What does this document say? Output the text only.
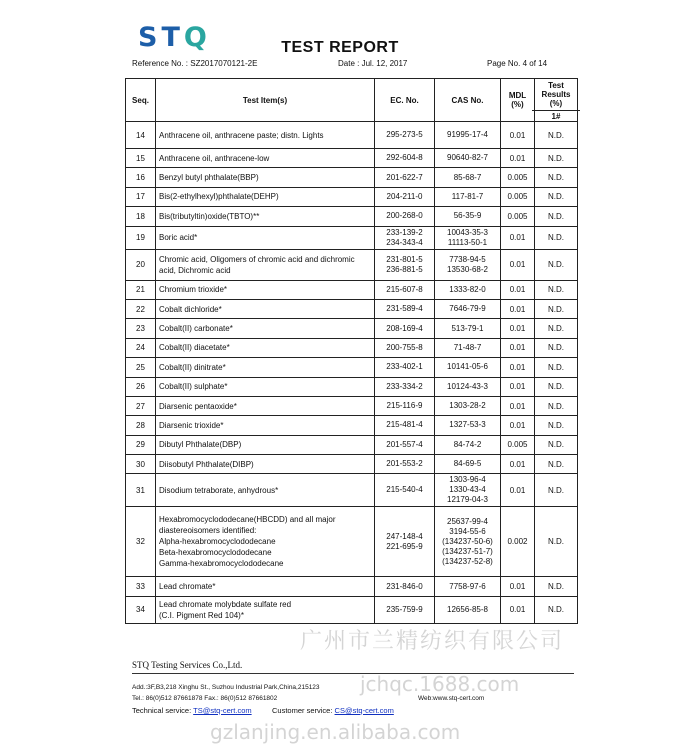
STQ	TEST REPORT
Reference No. : SZ2017070121-2E	Date : Jul. 12, 2017	Page No. 4 of 14
Seq.	Test Item(s)	EC. No.	CAS No.	MDL (%)	Test Results (%)
1#

14	Anthracene oil, anthracene paste; distn. Lights	295-273-5	91995-17-4	0.01	N.D.
15	Anthracene oil, anthracene-low	292-604-8	90640-82-7	0.01	N.D.
16	Benzyl butyl phthalate(BBP)	201-622-7	85-68-7	0.005	N.D.
17	Bis(2-ethylhexyl)phthalate(DEHP)	204-211-0	117-81-7	0.005	N.D.
18	Bis(tributyltin)oxide(TBTO)**	200-268-0	56-35-9	0.005	N.D.
19	Boric acid*	233-139-2
234-343-4	10043-35-3
11113-50-1	0.01	N.D.
20	Chromic acid, Oligomers of chromic acid and dichromic acid, Dichromic acid	231-801-5
236-881-5	7738-94-5
13530-68-2	0.01	N.D.
21	Chromium trioxide*	215-607-8	1333-82-0	0.01	N.D.
22	Cobalt dichloride*	231-589-4	7646-79-9	0.01	N.D.
23	Cobalt(II) carbonate*	208-169-4	513-79-1	0.01	N.D.
24	Cobalt(II) diacetate*	200-755-8	71-48-7	0.01	N.D.
25	Cobalt(II) dinitrate*	233-402-1	10141-05-6	0.01	N.D.
26	Cobalt(II) sulphate*	233-334-2	10124-43-3	0.01	N.D.
27	Diarsenic pentaoxide*	215-116-9	1303-28-2	0.01	N.D.
28	Diarsenic trioxide*	215-481-4	1327-53-3	0.01	N.D.
29	Dibutyl Phthalate(DBP)	201-557-4	84-74-2	0.005	N.D.
30	Diisobutyl Phthalate(DIBP)	201-553-2	84-69-5	0.01	N.D.
31	Disodium tetraborate, anhydrous*	215-540-4	1303-96-4
1330-43-4
12179-04-3	0.01	N.D.
32	Hexabromocyclododecane(HBCDD) and all major diastereoisomers identified:
Alpha-hexabromocyclododecane
Beta-hexabromocyclododecane
Gamma-hexabromocyclododecane	247-148-4
221-695-9	25637-99-4
3194-55-6
(134237-50-6)
(134237-51-7)
(134237-52-8)	0.002	N.D.
33	Lead chromate*	231-846-0	7758-97-6	0.01	N.D.
34	Lead chromate molybdate sulfate red
(C.I. Pigment Red 104)*	235-759-9	12656-85-8	0.01	N.D.
STQ Testing Services Co.,Ltd.
Add.:3F,B3,218 Xinghu St., Suzhou Industrial Park,China,215123
Tel.: 86(0)512 87661878 Fax.: 86(0)512 87661802	Web:www.stq-cert.com
Technical service: TS@stq-cert.com	Customer service: CS@stq-cert.com
广州市兰精纺织有限公司
jchqc.1688.com
gzlanjing.en.alibaba.com
